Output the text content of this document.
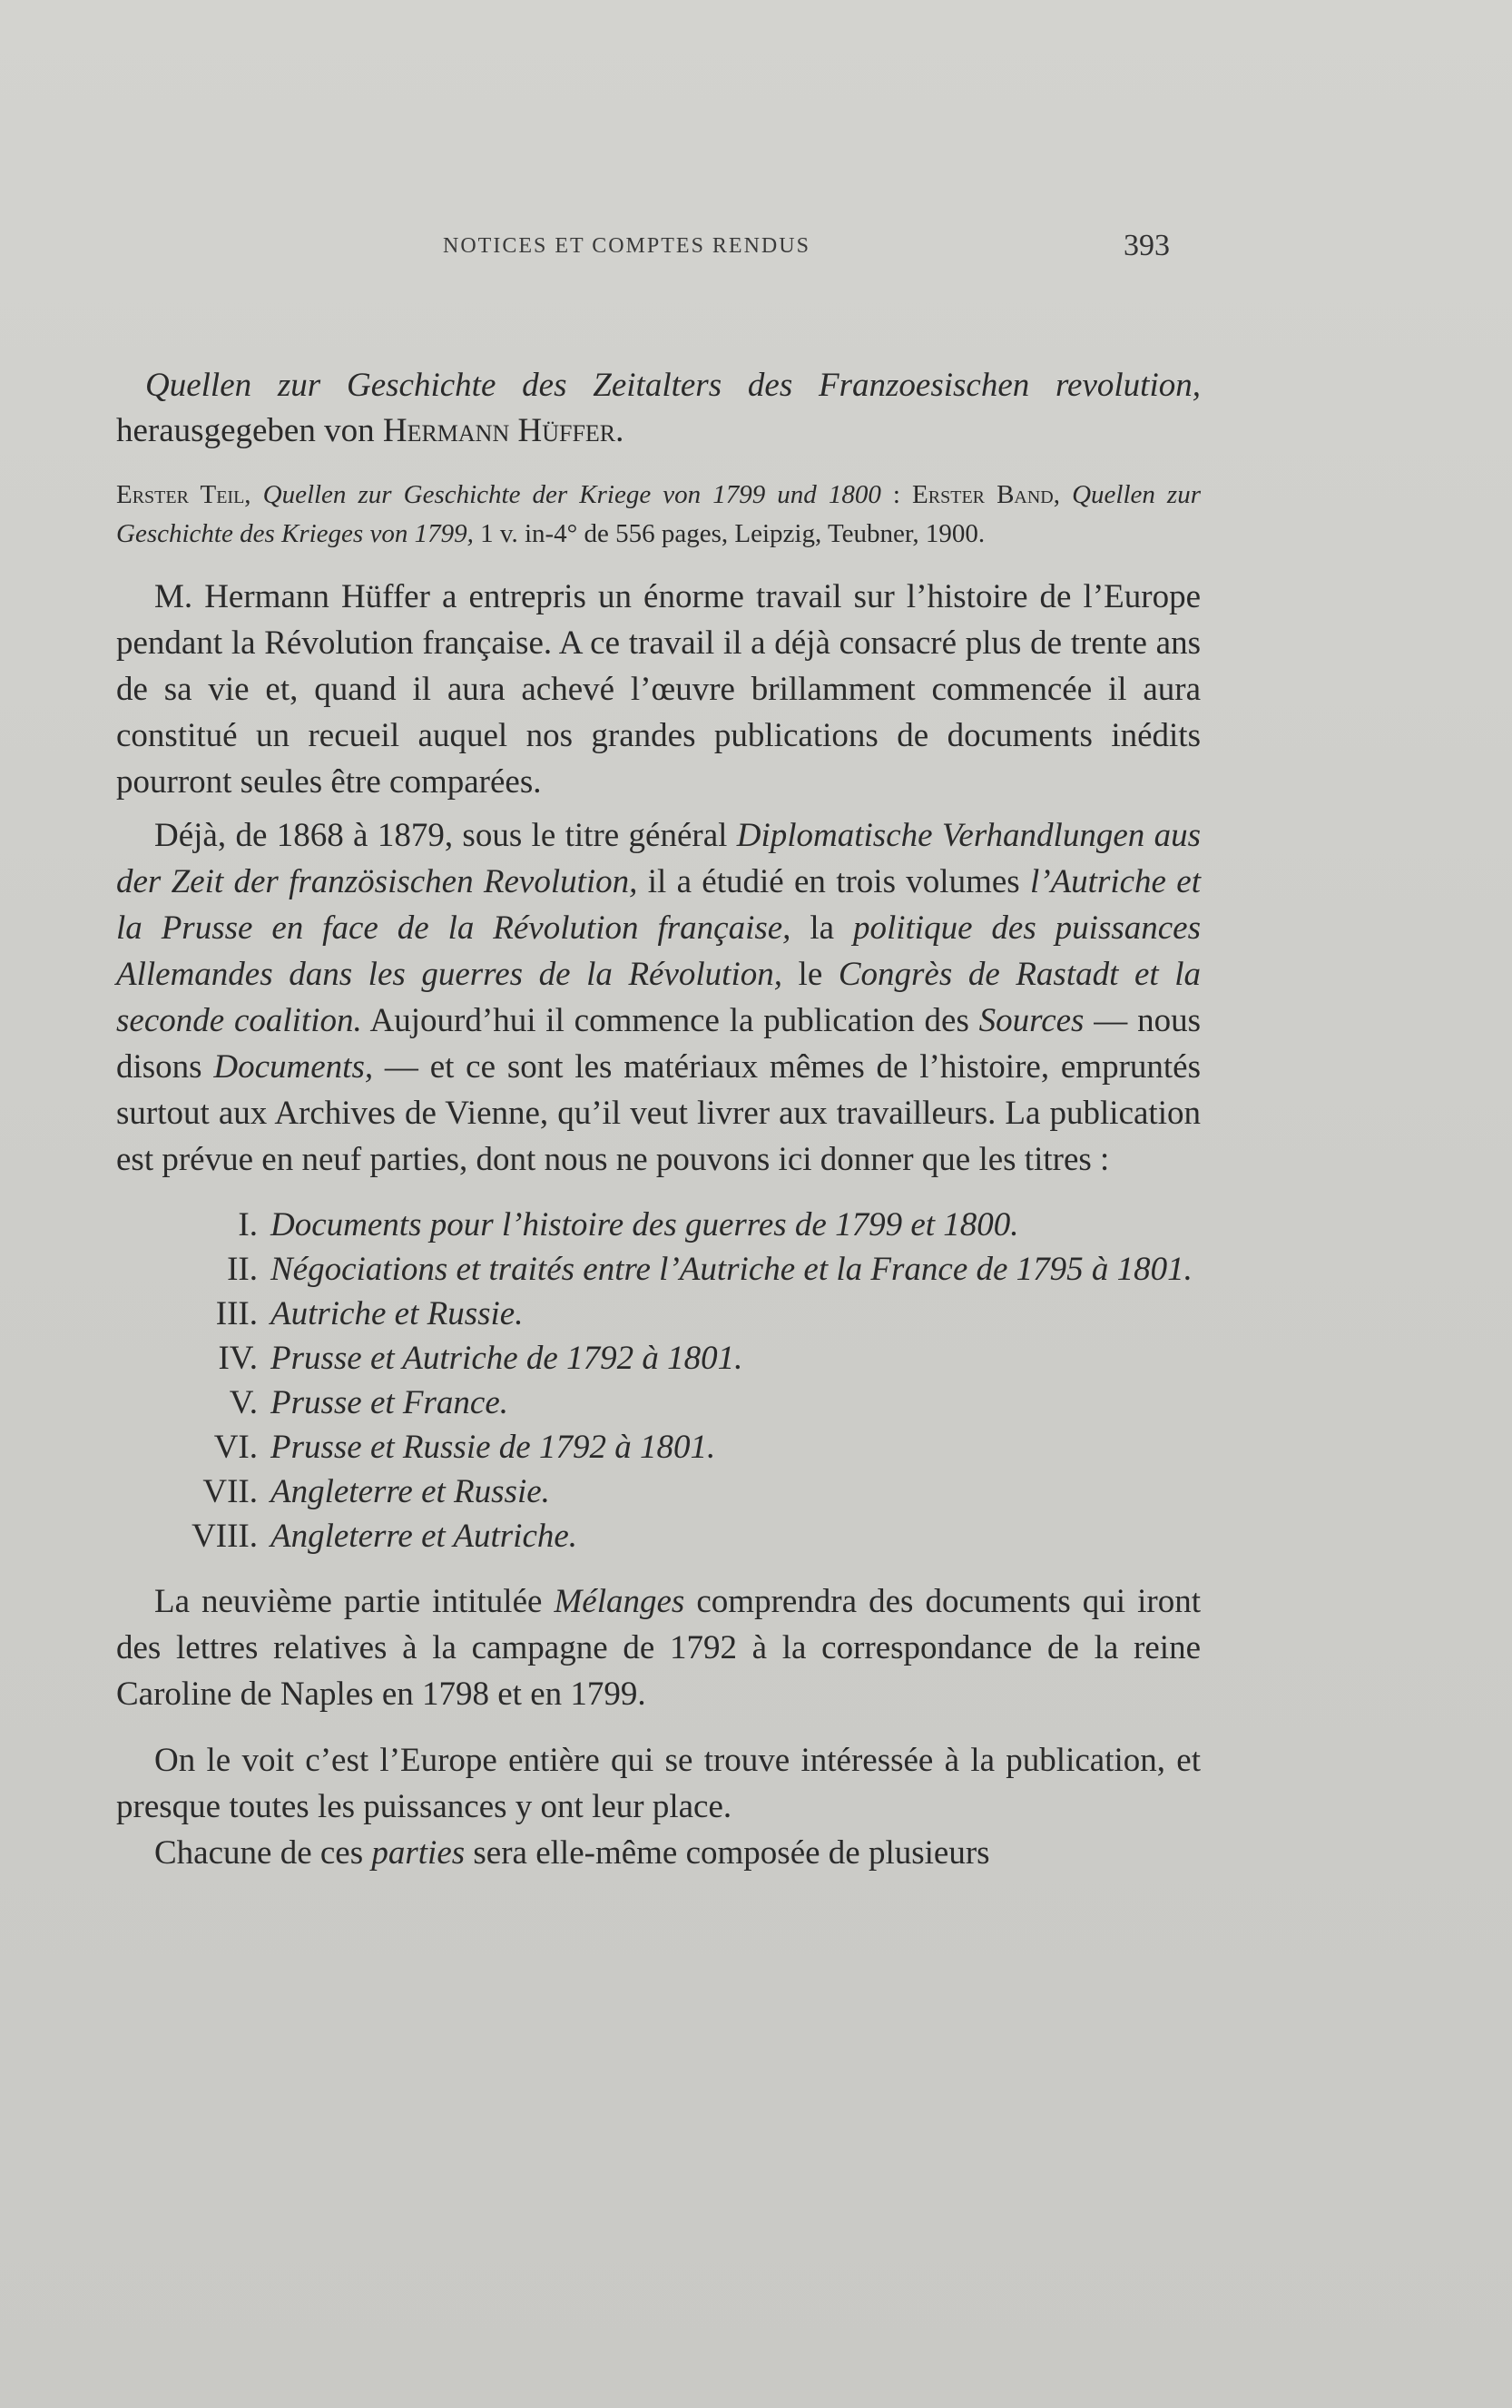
NOTICES ET COMPTES RENDUS	393

Quellen zur Geschichte des Zeitalters des Franzoesischen revolution, herausgegeben von Hermann Hüffer.

Erster Teil, Quellen zur Geschichte der Kriege von 1799 und 1800 : Erster Band, Quellen zur Geschichte des Krieges von 1799, 1 v. in-4° de 556 pages, Leipzig, Teubner, 1900.

M. Hermann Hüffer a entrepris un énorme travail sur l’histoire de l’Europe pendant la Révolution française. A ce travail il a déjà consacré plus de trente ans de sa vie et, quand il aura achevé l’œuvre brillamment commencée il aura constitué un recueil auquel nos grandes publications de documents inédits pourront seules être comparées.

Déjà, de 1868 à 1879, sous le titre général Diplomatische Verhandlungen aus der Zeit der französischen Revolution, il a étudié en trois volumes l’Autriche et la Prusse en face de la Révolution française, la politique des puissances Allemandes dans les guerres de la Révolution, le Congrès de Rastadt et la seconde coalition. Aujourd’hui il commence la publication des Sources — nous disons Documents, — et ce sont les matériaux mêmes de l’histoire, empruntés surtout aux Archives de Vienne, qu’il veut livrer aux travailleurs. La publication est prévue en neuf parties, dont nous ne pouvons ici donner que les titres :

I. Documents pour l’histoire des guerres de 1799 et 1800.
II. Négociations et traités entre l’Autriche et la France de 1795 à 1801.
III. Autriche et Russie.
IV. Prusse et Autriche de 1792 à 1801.
V. Prusse et France.
VI. Prusse et Russie de 1792 à 1801.
VII. Angleterre et Russie.
VIII. Angleterre et Autriche.

La neuvième partie intitulée Mélanges comprendra des documents qui iront des lettres relatives à la campagne de 1792 à la correspondance de la reine Caroline de Naples en 1798 et en 1799.

On le voit c’est l’Europe entière qui se trouve intéressée à la publication, et presque toutes les puissances y ont leur place.

Chacune de ces parties sera elle-même composée de plusieurs
